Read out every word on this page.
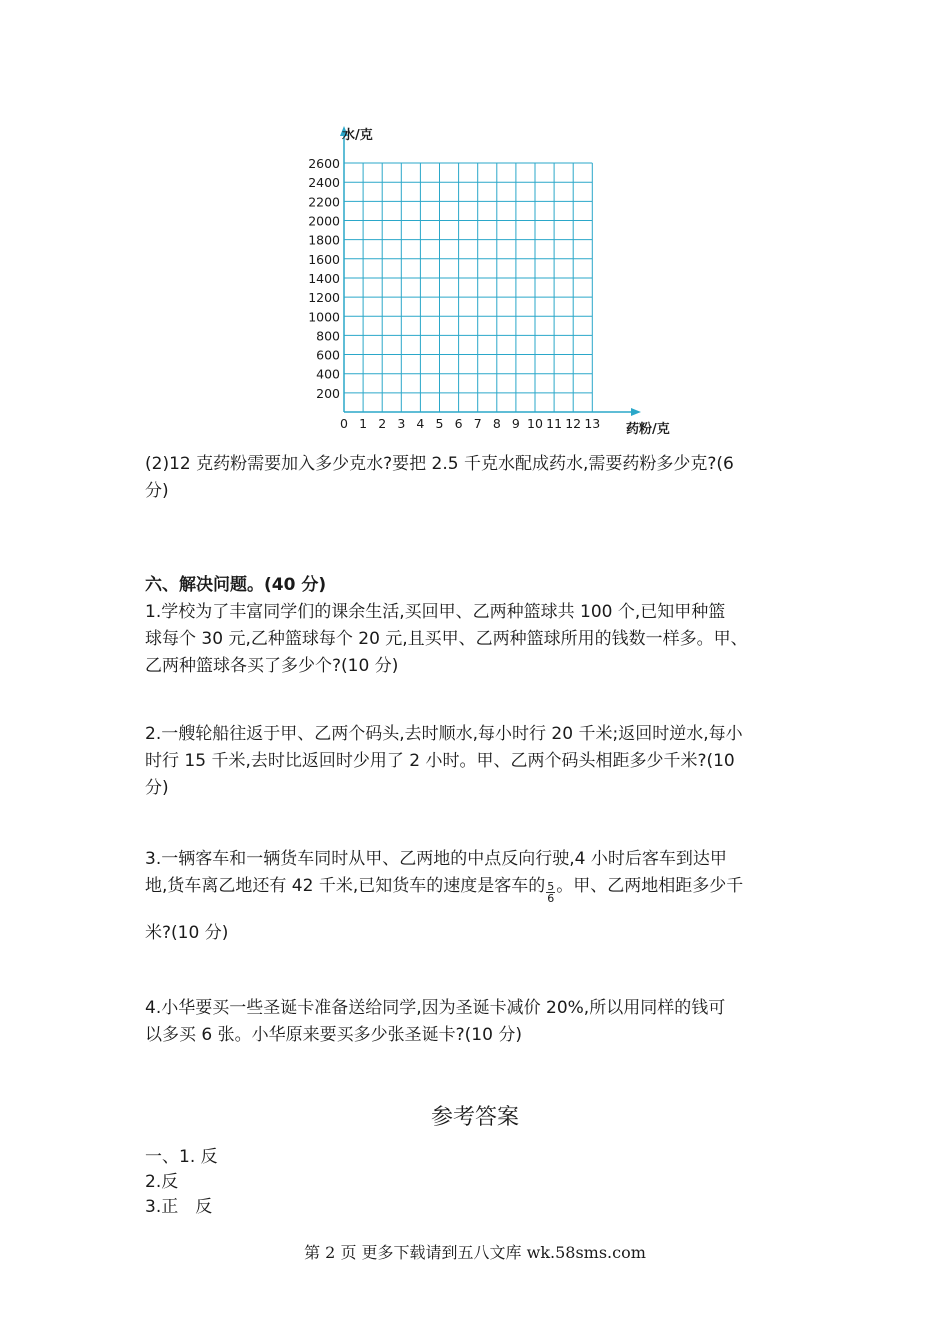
200
400
600
800
1000
1200
1400
1600
1800
2000
2200
2400
2600
0 1 2 3 4 5 6 7 8 9 10 11 12 13
水/克
药粉/克
(2)12 克药粉需要加入多少克水?要把 2.5 千克水配成药水,需要药粉多少克?(6
分)
六、解决问题。(40 分)
1.学校为了丰富同学们的课余生活,买回甲、乙两种篮球共 100 个,已知甲种篮
球每个 30 元,乙种篮球每个 20 元,且买甲、乙两种篮球所用的钱数一样多。甲、
乙两种篮球各买了多少个?(10 分)
2.一艘轮船往返于甲、乙两个码头,去时顺水,每小时行 20 千米;返回时逆水,每小
时行 15 千米,去时比返回时少用了 2 小时。甲、乙两个码头相距多少千米?(10
分)
3.一辆客车和一辆货车同时从甲、乙两地的中点反向行驶,4 小时后客车到达甲
地,货车离乙地还有 42 千米,已知货车的速度是客车的 $\frac{5}{6}$ 。甲、乙两地相距多少千
米?(10 分)
4.小华要买一些圣诞卡准备送给同学,因为圣诞卡减价 20%,所以用同样的钱可
以多买 6 张。小华原来要买多少张圣诞卡?(10 分)
参考答案
一、1. 反
2.反
3.正　反
第 2 页 更多下载请到五八文库 wk.58sms.com
